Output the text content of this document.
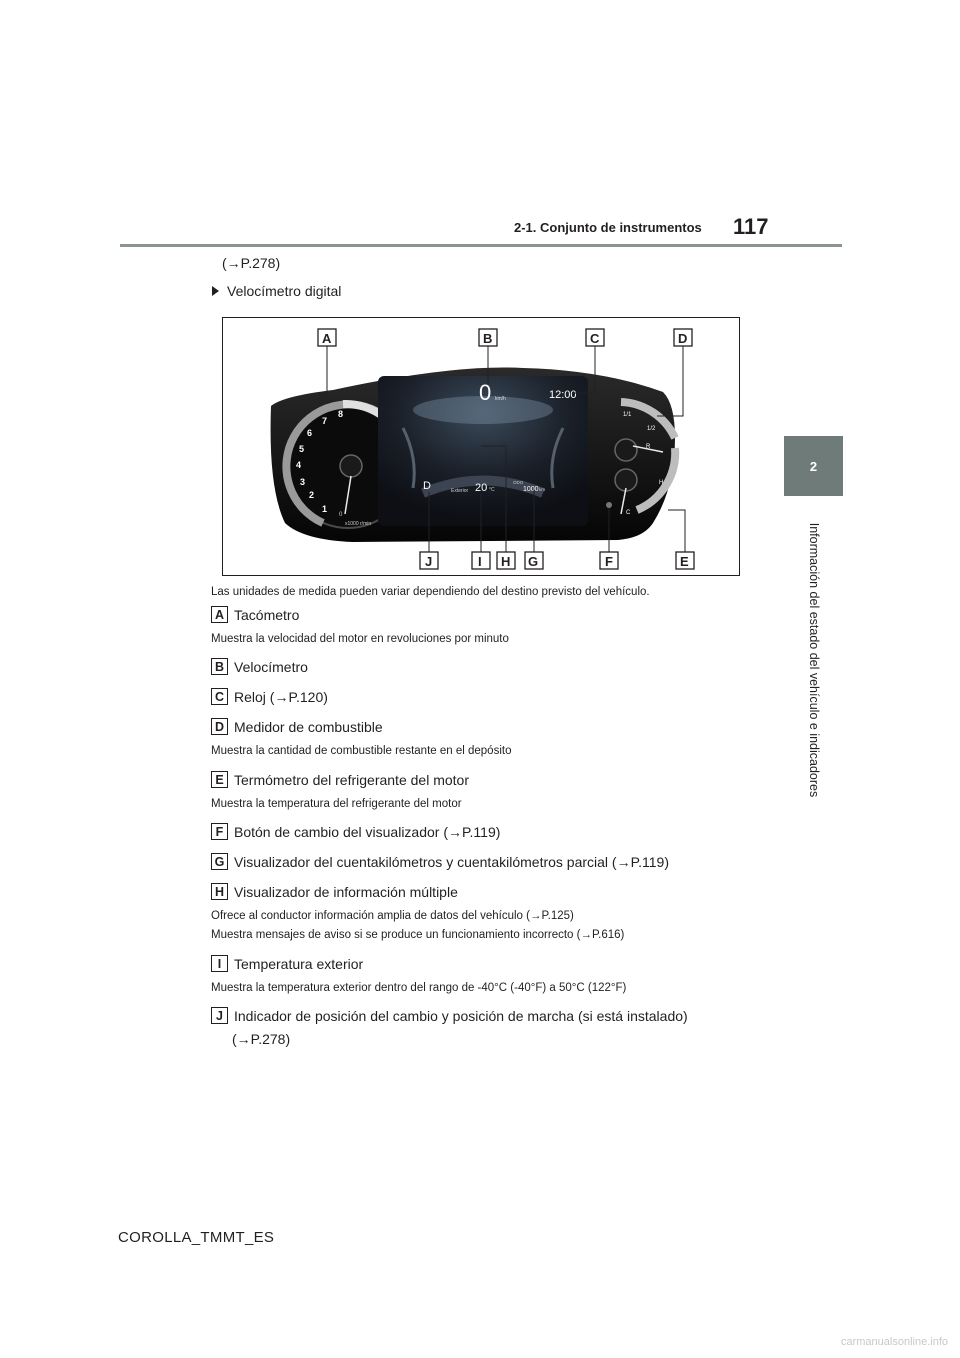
2-1. Conjunto de instrumentos 117
2
Información del estado del vehículo e indicadores
(→P.278)
Velocímetro digital
1
2
3
4
5
6
7
8
0
x1000 r/min
0 km/h	12:00
D	Exterior 20 °C
ODO
1000 km
1/1
1/2
R
H
C
A	B	C	D
E
F
G
H
I
J
Las unidades de medida pueden variar dependiendo del destino previsto del vehículo.
A Tacómetro
Muestra la velocidad del motor en revoluciones por minuto
B Velocímetro
C Reloj (→P.120)
D Medidor de combustible
Muestra la cantidad de combustible restante en el depósito
E Termómetro del refrigerante del motor
Muestra la temperatura del refrigerante del motor
F Botón de cambio del visualizador (→P.119)
G Visualizador del cuentakilómetros y cuentakilómetros parcial (→P.119)
H Visualizador de información múltiple
Ofrece al conductor información amplia de datos del vehículo (→P.125)
Muestra mensajes de aviso si se produce un funcionamiento incorrecto (→P.616)
I Temperatura exterior
Muestra la temperatura exterior dentro del rango de -40°C (-40°F) a 50°C (122°F)
J Indicador de posición del cambio y posición de marcha (si está instalado)
(→P.278)
COROLLA_TMMT_ES
carmanualsonline.info
